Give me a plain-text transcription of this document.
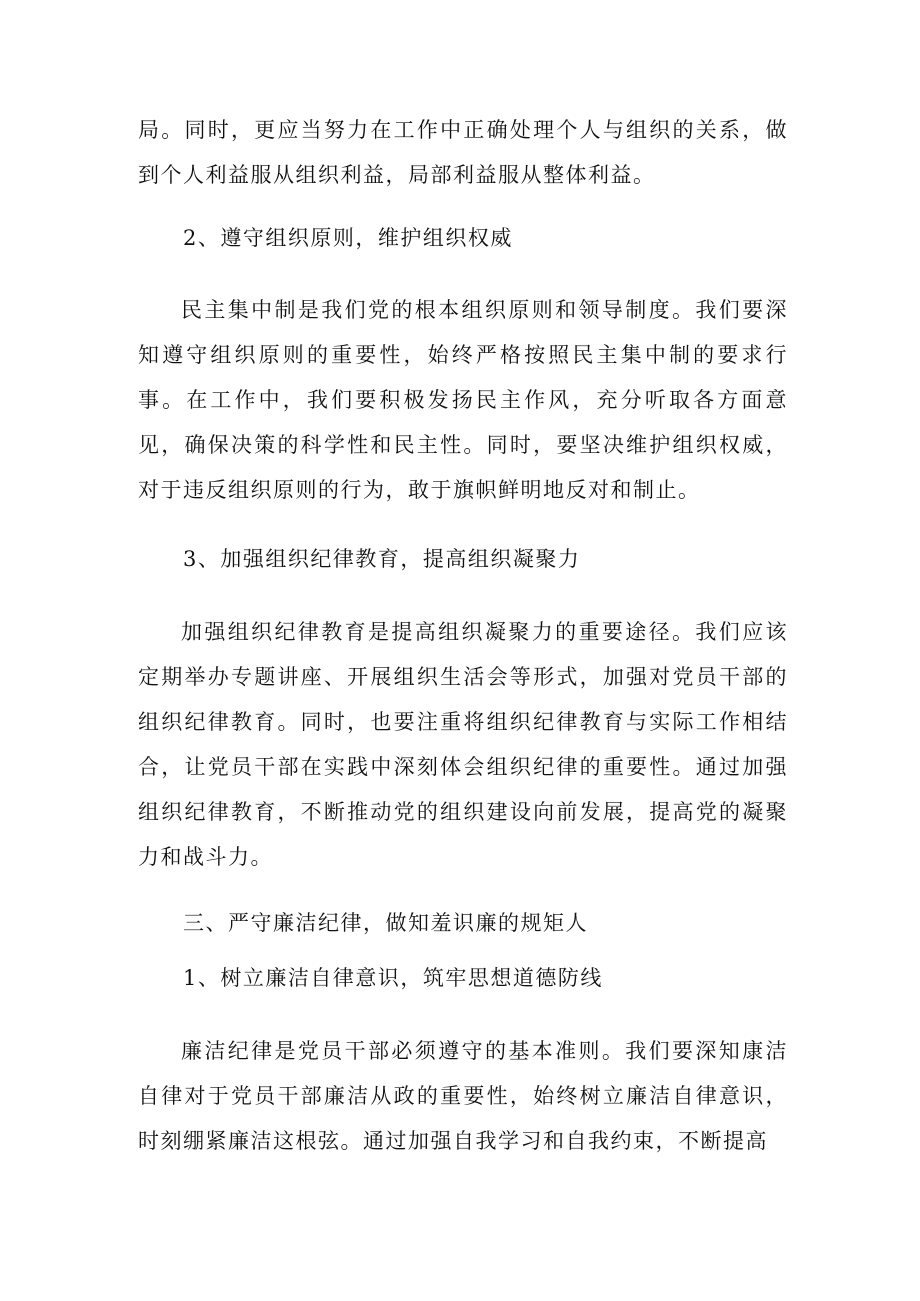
局。同时，更应当努力在工作中正确处理个人与组织的关系，做到个人利益服从组织利益，局部利益服从整体利益。

2、遵守组织原则，维护组织权威

民主集中制是我们党的根本组织原则和领导制度。我们要深知遵守组织原则的重要性，始终严格按照民主集中制的要求行事。在工作中，我们要积极发扬民主作风，充分听取各方面意见，确保决策的科学性和民主性。同时，要坚决维护组织权威，对于违反组织原则的行为，敢于旗帜鲜明地反对和制止。

3、加强组织纪律教育，提高组织凝聚力

加强组织纪律教育是提高组织凝聚力的重要途径。我们应该定期举办专题讲座、开展组织生活会等形式，加强对党员干部的组织纪律教育。同时，也要注重将组织纪律教育与实际工作相结合，让党员干部在实践中深刻体会组织纪律的重要性。通过加强组织纪律教育，不断推动党的组织建设向前发展，提高党的凝聚力和战斗力。

三、严守廉洁纪律，做知羞识廉的规矩人

1、树立廉洁自律意识，筑牢思想道德防线

廉洁纪律是党员干部必须遵守的基本准则。我们要深知康洁自律对于党员干部廉洁从政的重要性，始终树立廉洁自律意识，时刻绷紧廉洁这根弦。通过加强自我学习和自我约束，不断提高
